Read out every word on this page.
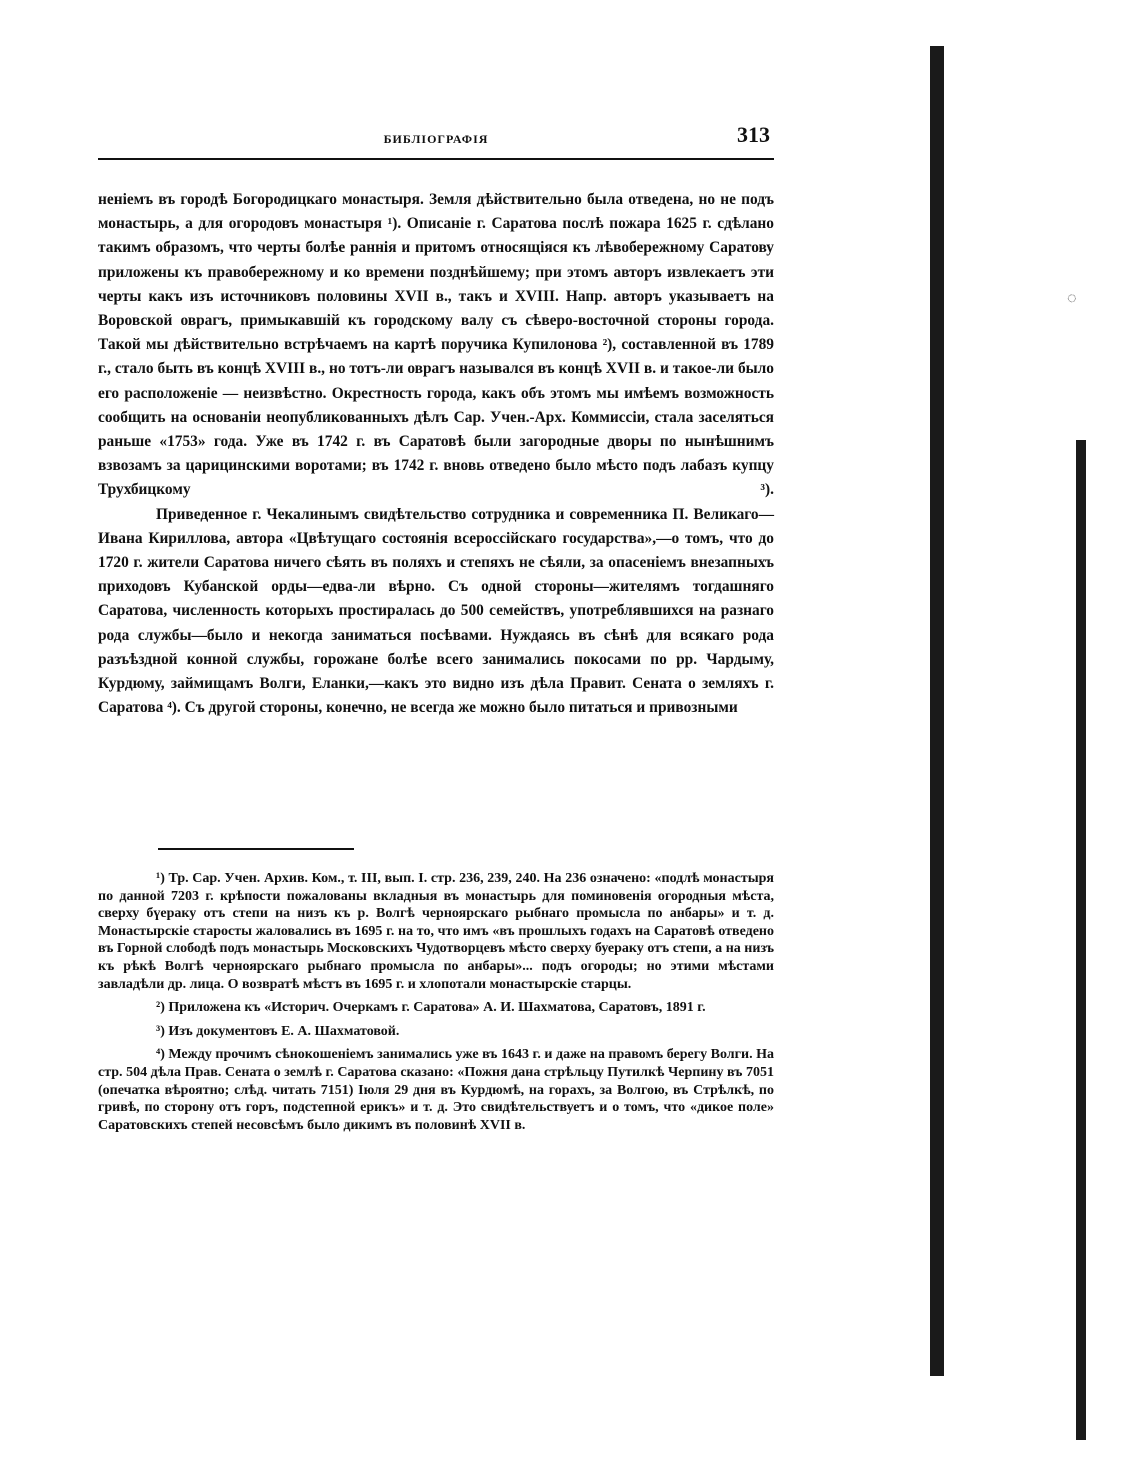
БИБЛIОГРАФIЯ	313

неніемъ въ городѣ Богородицкаго монастыря. Земля дѣйствительно была отведена, но не подъ монастырь, а для огородовъ монастыря ¹). Описаніе г. Саратова послѣ пожара 1625 г. сдѣлано такимъ образомъ, что черты болѣе раннія и притомъ относящіяся къ лѣвобережному Саратову приложены къ правобережному и ко времени позднѣйшему; при этомъ авторъ извлекаетъ эти черты какъ изъ источниковъ половины XVII в., такъ и XVIII. Напр. авторъ указываетъ на Воровской оврагъ, примыкавшій къ городскому валу съ сѣверо-восточной стороны города. Такой мы дѣйствительно встрѣчаемъ на картѣ поручика Купилонова ²), составленной въ 1789 г., стало быть въ концѣ XVIII в., но тотъ-ли оврагъ назывался въ концѣ XVII в. и такое-ли было его расположеніе — неизвѣстно. Окрестность города, какъ объ этомъ мы имѣемъ возможность сообщить на основаніи неопубликованныхъ дѣлъ Сар. Учен.-Арх. Коммиссіи, стала заселяться раньше «1753» года. Уже въ 1742 г. въ Саратовѣ были загородные дворы по нынѣшнимъ взвозамъ за царицинскими воротами; въ 1742 г. вновь отведено было мѣсто подъ лабазъ купцу Трухбицкому ³).

Приведенное г. Чекалинымъ свидѣтельство сотрудника и современника П. Великаго—Ивана Кириллова, автора «Цвѣтущаго состоянія всероссійскаго государства»,—о томъ, что до 1720 г. жители Саратова ничего сѣять въ поляхъ и степяхъ не сѣяли, за опасеніемъ внезапныхъ приходовъ Кубанской орды—едва-ли вѣрно. Съ одной стороны—жителямъ тогдашняго Саратова, численность которыхъ простиралась до 500 семействъ, употреблявшихся на разнаго рода службы—было и некогда заниматься посѣвами. Нуждаясь въ сѣнѣ для всякаго рода разъѣздной конной службы, горожане болѣе всего занимались покосами по рр. Чардыму, Курдюму, займищамъ Волги, Еланки,—какъ это видно изъ дѣла Правит. Сената о земляхъ г. Саратова ⁴). Съ другой стороны, конечно, не всегда же можно было питаться и привозными

¹) Тр. Сар. Учен. Архив. Ком., т. III, вып. I. стр. 236, 239, 240. На 236 означено: «подлѣ монастыря по данной 7203 г. крѣпости пожалованы вкладныя въ монастырь для поминовенія огородныя мѣста, сверху бүераку отъ степи на низъ къ р. Волгѣ черноярскаго рыбнаго промысла по анбары» и т. д. Монастырскіе старосты жаловались въ 1695 г. на то, что имъ «въ прошлыхъ годахъ на Саратовѣ отведено въ Горной слободѣ подъ монастырь Московскихъ Чудотворцевъ мѣсто сверху буераку отъ степи, а на низъ къ рѣкѣ Волгѣ черноярскаго рыбнаго промысла по анбары»... подъ огороды; но этими мѣстами завладѣли др. лица. О возвратѣ мѣстъ въ 1695 г. и хлопотали монастырскіе старцы.

²) Приложена къ «Историч. Очеркамъ г. Саратова» А. И. Шахматова, Саратовъ, 1891 г.

³) Изъ документовъ Е. А. Шахматовой.

⁴) Между прочимъ сѣнокошеніемъ занимались уже въ 1643 г. и даже на правомъ берегу Волги. На стр. 504 дѣла Прав. Сената о землѣ г. Саратова сказано: «Пожня дана стрѣльцу Путилкѣ Черпину въ 7051 (опечатка вѣроятно; слѣд. читать 7151) Іюля 29 дня въ Курдюмѣ, на горахъ, за Волгою, въ Стрѣлкѣ, по гривѣ, по сторону отъ горъ, подстепной ерикъ» и т. д. Это свидѣтельствуетъ и о томъ, что «дикое поле» Саратовскихъ степей несовсѣмъ было дикимъ въ половинѣ XVII в.

◌
